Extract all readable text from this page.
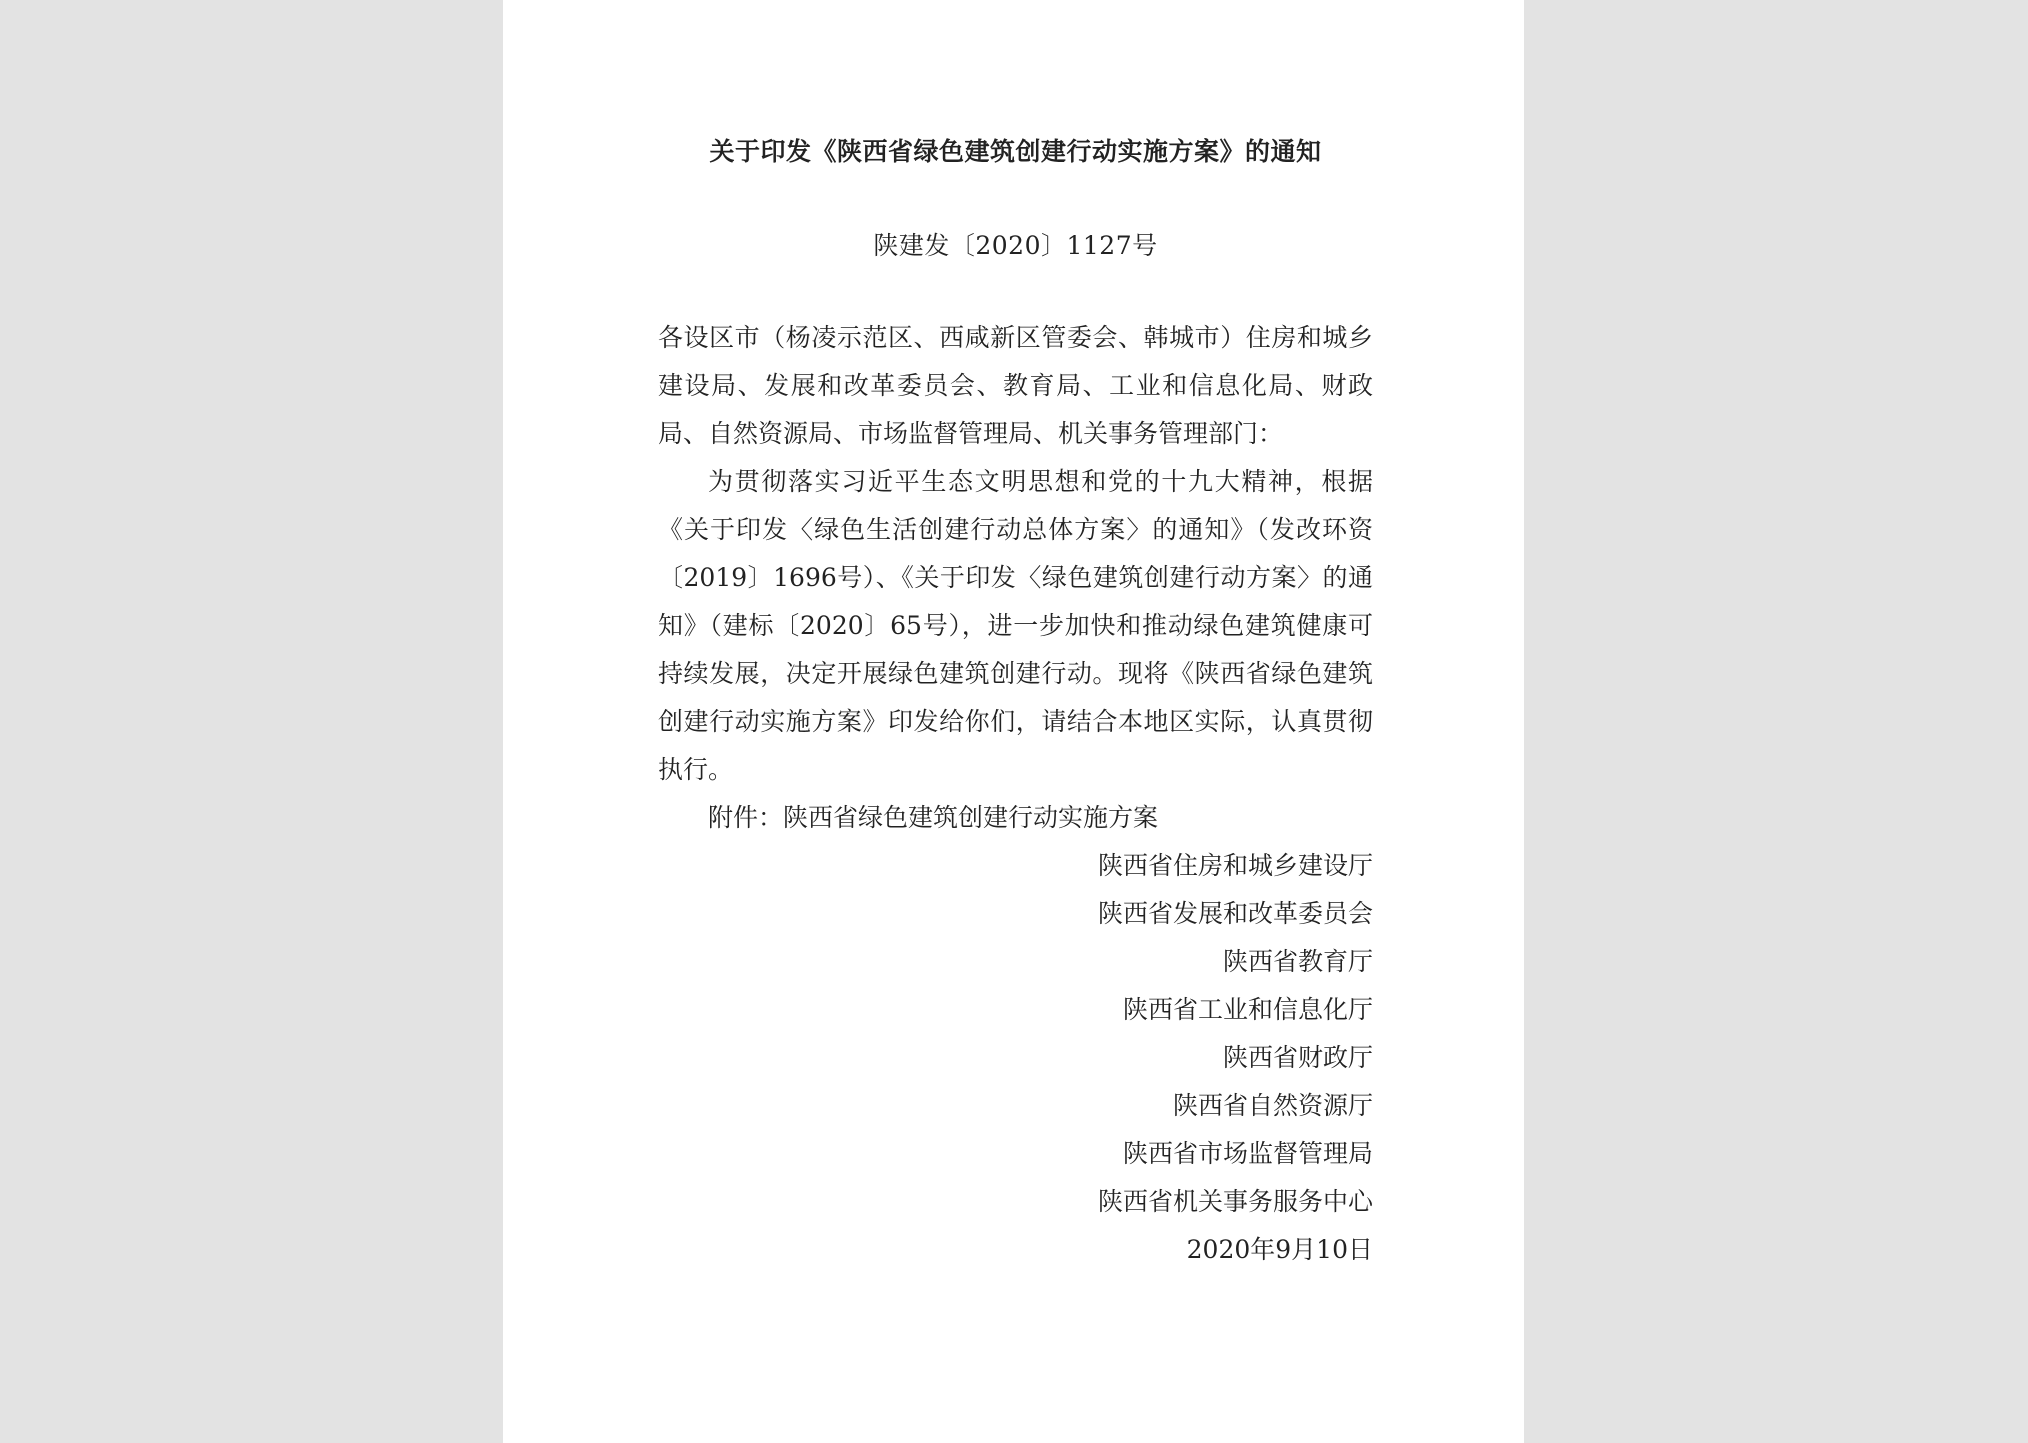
关于印发《陕西省绿色建筑创建行动实施方案》的通知

陕建发〔2020〕1127号

各设区市（杨凌示范区、西咸新区管委会、韩城市）住房和城乡建设局、发展和改革委员会、教育局、工业和信息化局、财政局、自然资源局、市场监督管理局、机关事务管理部门：

为贯彻落实习近平生态文明思想和党的十九大精神，根据《关于印发〈绿色生活创建行动总体方案〉的通知》（发改环资〔2019〕1696号）、《关于印发〈绿色建筑创建行动方案〉的通知》（建标〔2020〕65号），进一步加快和推动绿色建筑健康可持续发展，决定开展绿色建筑创建行动。现将《陕西省绿色建筑创建行动实施方案》印发给你们，请结合本地区实际，认真贯彻执行。

附件：陕西省绿色建筑创建行动实施方案

陕西省住房和城乡建设厅
陕西省发展和改革委员会
陕西省教育厅
陕西省工业和信息化厅
陕西省财政厅
陕西省自然资源厅
陕西省市场监督管理局
陕西省机关事务服务中心

2020年9月10日
